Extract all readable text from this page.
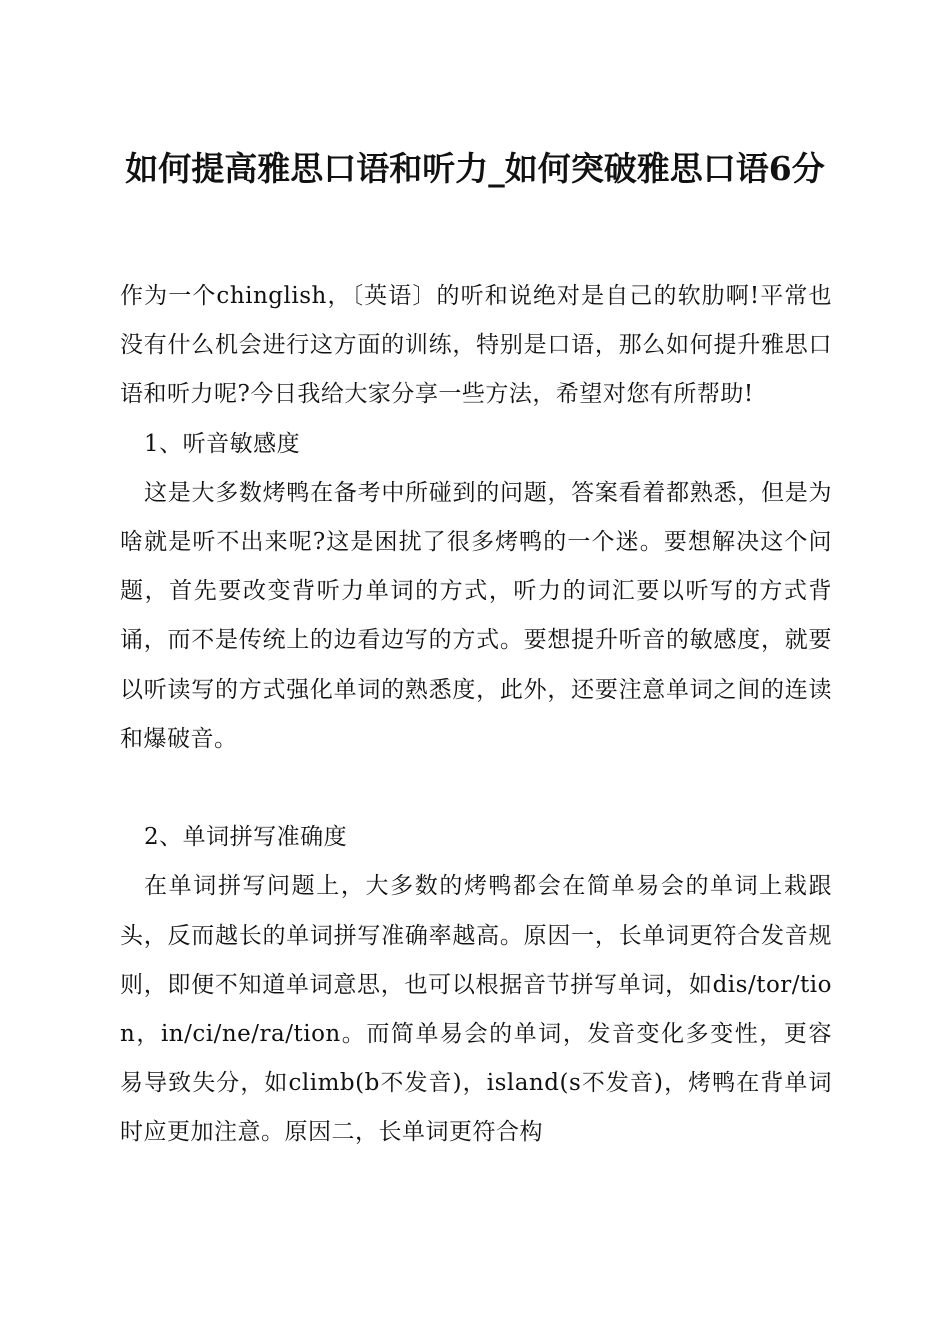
如何提高雅思口语和听力_如何突破雅思口语6分

作为一个chinglish，〔英语〕的听和说绝对是自己的软肋啊!平常也没有什么机会进行这方面的训练，特别是口语，那么如何提升雅思口语和听力呢?今日我给大家分享一些方法，希望对您有所帮助!

1、听音敏感度

这是大多数烤鸭在备考中所碰到的问题，答案看着都熟悉，但是为啥就是听不出来呢?这是困扰了很多烤鸭的一个迷。要想解决这个问题，首先要改变背听力单词的方式，听力的词汇要以听写的方式背诵，而不是传统上的边看边写的方式。要想提升听音的敏感度，就要以听读写的方式强化单词的熟悉度，此外，还要注意单词之间的连读和爆破音。

2、单词拼写准确度

在单词拼写问题上，大多数的烤鸭都会在简单易会的单词上栽跟头，反而越长的单词拼写准确率越高。原因一，长单词更符合发音规则，即便不知道单词意思，也可以根据音节拼写单词，如dis/tor/tion，in/ci/ne/ra/tion。而简单易会的单词，发音变化多变性，更容易导致失分，如climb(b不发音)，island(s不发音)，烤鸭在背单词时应更加注意。原因二，长单词更符合构
